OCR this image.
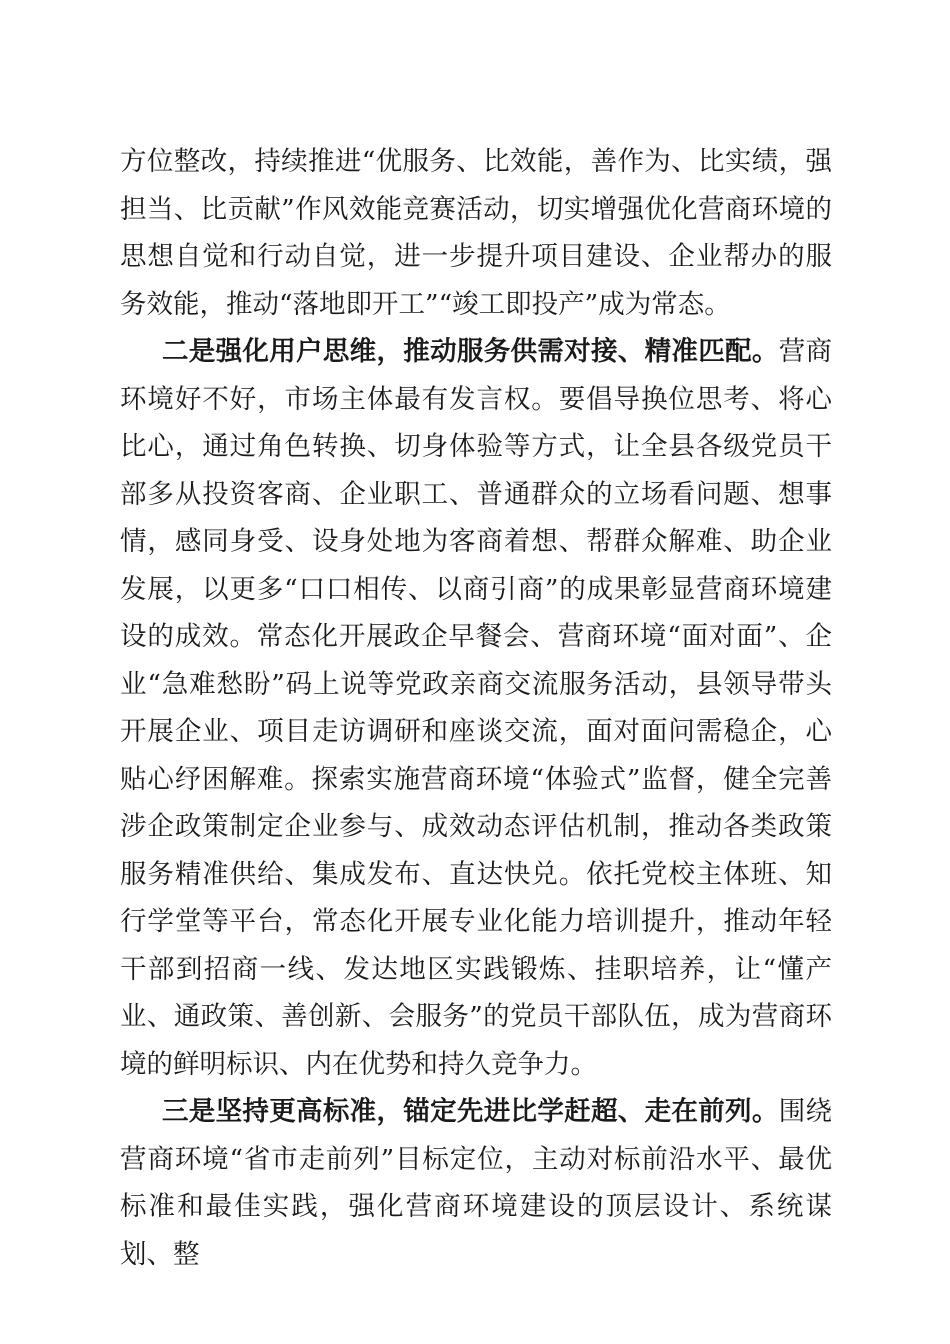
方位整改，持续推进“优服务、比效能，善作为、比实绩，强担当、比贡献”作风效能竞赛活动，切实增强优化营商环境的思想自觉和行动自觉，进一步提升项目建设、企业帮办的服务效能，推动“落地即开工”“竣工即投产”成为常态。

二是强化用户思维，推动服务供需对接、精准匹配。营商环境好不好，市场主体最有发言权。要倡导换位思考、将心比心，通过角色转换、切身体验等方式，让全县各级党员干部多从投资客商、企业职工、普通群众的立场看问题、想事情，感同身受、设身处地为客商着想、帮群众解难、助企业发展，以更多“口口相传、以商引商”的成果彰显营商环境建设的成效。常态化开展政企早餐会、营商环境“面对面”、企业“急难愁盼”码上说等党政亲商交流服务活动，县领导带头开展企业、项目走访调研和座谈交流，面对面问需稳企，心贴心纾困解难。探索实施营商环境“体验式”监督，健全完善涉企政策制定企业参与、成效动态评估机制，推动各类政策服务精准供给、集成发布、直达快兑。依托党校主体班、知行学堂等平台，常态化开展专业化能力培训提升，推动年轻干部到招商一线、发达地区实践锻炼、挂职培养，让“懂产业、通政策、善创新、会服务”的党员干部队伍，成为营商环境的鲜明标识、内在优势和持久竞争力。

三是坚持更高标准，锚定先进比学赶超、走在前列。围绕营商环境“省市走前列”目标定位，主动对标前沿水平、最优标准和最佳实践，强化营商环境建设的顶层设计、系统谋划、整
